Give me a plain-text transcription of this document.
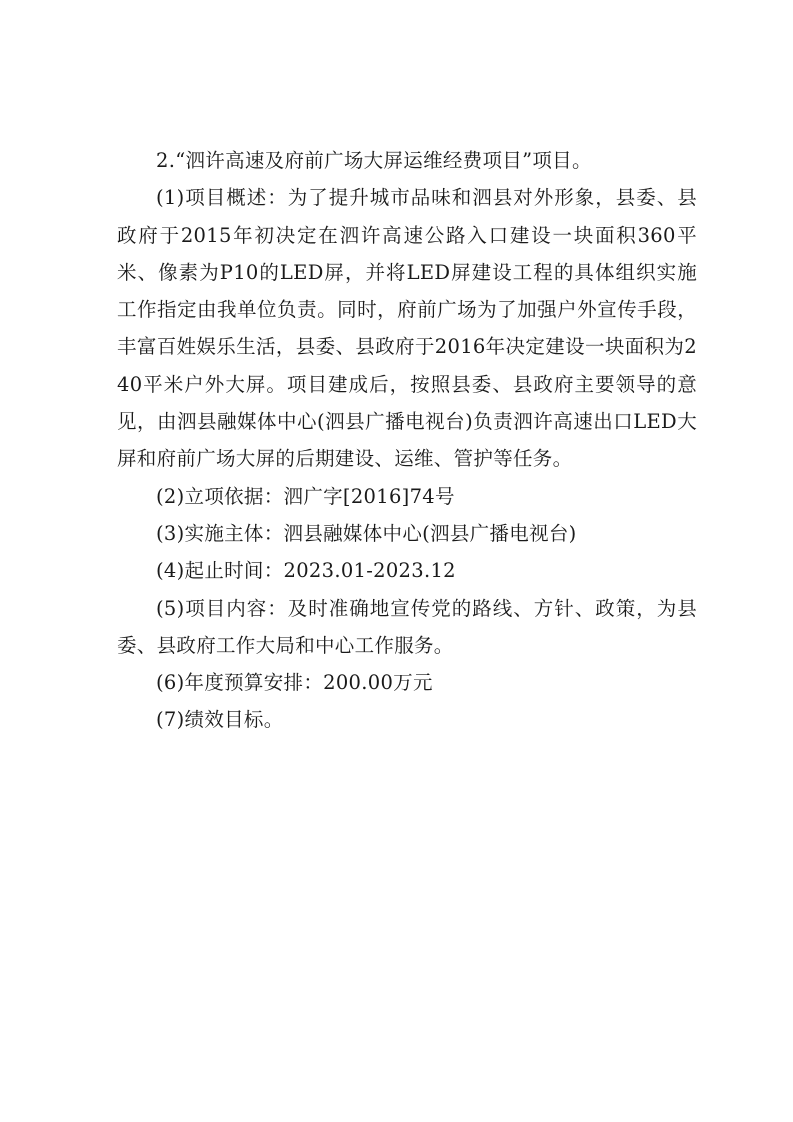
2.“泗许高速及府前广场大屏运维经费项目”项目。

(1)项目概述：为了提升城市品味和泗县对外形象，县委、县政府于2015年初决定在泗许高速公路入口建设一块面积360平米、像素为P10的LED屏，并将LED屏建设工程的具体组织实施工作指定由我单位负责。同时，府前广场为了加强户外宣传手段，丰富百姓娱乐生活，县委、县政府于2016年决定建设一块面积为240平米户外大屏。项目建成后，按照县委、县政府主要领导的意见，由泗县融媒体中心(泗县广播电视台)负责泗许高速出口LED大屏和府前广场大屏的后期建设、运维、管护等任务。

(2)立项依据：泗广字[2016]74号

(3)实施主体：泗县融媒体中心(泗县广播电视台)

(4)起止时间：2023.01-2023.12

(5)项目内容：及时准确地宣传党的路线、方针、政策，为县委、县政府工作大局和中心工作服务。

(6)年度预算安排：200.00万元

(7)绩效目标。
